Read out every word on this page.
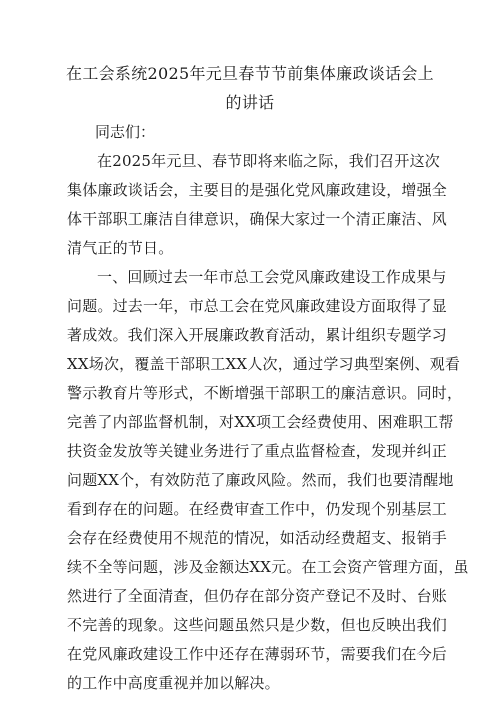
在工会系统2025年元旦春节节前集体廉政谈话会上
的讲话
同志们：
在2025年元旦、春节即将来临之际，我们召开这次
集体廉政谈话会，主要目的是强化党风廉政建设，增强全
体干部职工廉洁自律意识，确保大家过一个清正廉洁、风
清气正的节日。
一、回顾过去一年市总工会党风廉政建设工作成果与
问题。过去一年，市总工会在党风廉政建设方面取得了显
著成效。我们深入开展廉政教育活动，累计组织专题学习
XX场次，覆盖干部职工XX人次，通过学习典型案例、观看
警示教育片等形式，不断增强干部职工的廉洁意识。同时，
完善了内部监督机制，对XX项工会经费使用、困难职工帮
扶资金发放等关键业务进行了重点监督检查，发现并纠正
问题XX个，有效防范了廉政风险。然而，我们也要清醒地
看到存在的问题。在经费审查工作中，仍发现个别基层工
会存在经费使用不规范的情况，如活动经费超支、报销手
续不全等问题，涉及金额达XX元。在工会资产管理方面，虽
然进行了全面清查，但仍存在部分资产登记不及时、台账
不完善的现象。这些问题虽然只是少数，但也反映出我们
在党风廉政建设工作中还存在薄弱环节，需要我们在今后
的工作中高度重视并加以解决。
